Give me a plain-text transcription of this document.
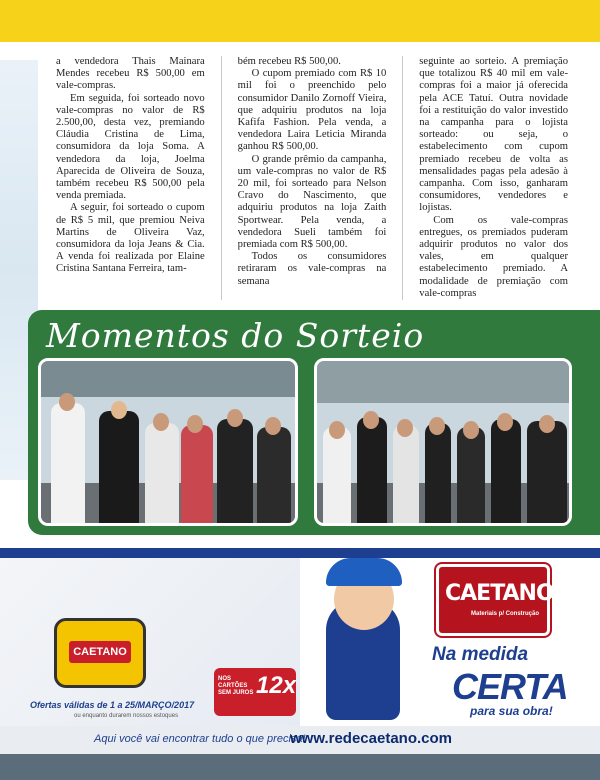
a vendedora Thais Mainara Mendes recebeu R$ 500,00 em vale-compras.

Em seguida, foi sorteado novo vale-compras no valor de R$ 2.500,00, desta vez, premiando Cláudia Cristina de Lima, consumidora da loja Soma. A vendedora da loja, Joelma Aparecida de Oliveira de Souza, também recebeu R$ 500,00 pela venda premiada.

A seguir, foi sorteado o cupom de R$ 5 mil, que premiou Neiva Martins de Oliveira Vaz, consumidora da loja Jeans & Cia. A venda foi realizada por Elaine Cristina Santana Ferreira, tam-

bém recebeu R$ 500,00.

O cupom premiado com R$ 10 mil foi o preenchido pelo consumidor Danilo Zornoff Vieira, que adquiriu produtos na loja Kafifa Fashion. Pela venda, a vendedora Laira Leticia Miranda ganhou R$ 500,00.

O grande prêmio da campanha, um vale-compras no valor de R$ 20 mil, foi sorteado para Nelson Cravo do Nascimento, que adquiriu produtos na loja Zaith Sportwear. Pela venda, a vendedora Sueli também foi premiada com R$ 500,00.

Todos os consumidores retiraram os vale-compras na semana

seguinte ao sorteio. A premiação que totalizou R$ 40 mil em vale-compras foi a maior já oferecida pela ACE Tatuí. Outra novidade foi a restituição do valor investido na campanha para o lojista sorteado: ou seja, o estabelecimento com cupom premiado recebeu de volta as mensalidades pagas pela adesão à campanha. Com isso, ganharam consumidores, vendedores e lojistas.

Com os vale-compras entregues, os premiados puderam adquirir produtos no valor dos vales, em qualquer estabelecimento premiado. A modalidade de premiação com vale-compras

Momentos do Sorteio
CAETANO
Ofertas válidas de 1 a 25/MARÇO/2017
ou enquanto durarem nossos estoques
NOS CARTÕES SEM JUROS 12x
CAETANO
Materiais p/ Construção
Na medida
CERTA
para sua obra!
Aqui você vai encontrar tudo o que precisa!
www.redecaetano.com
